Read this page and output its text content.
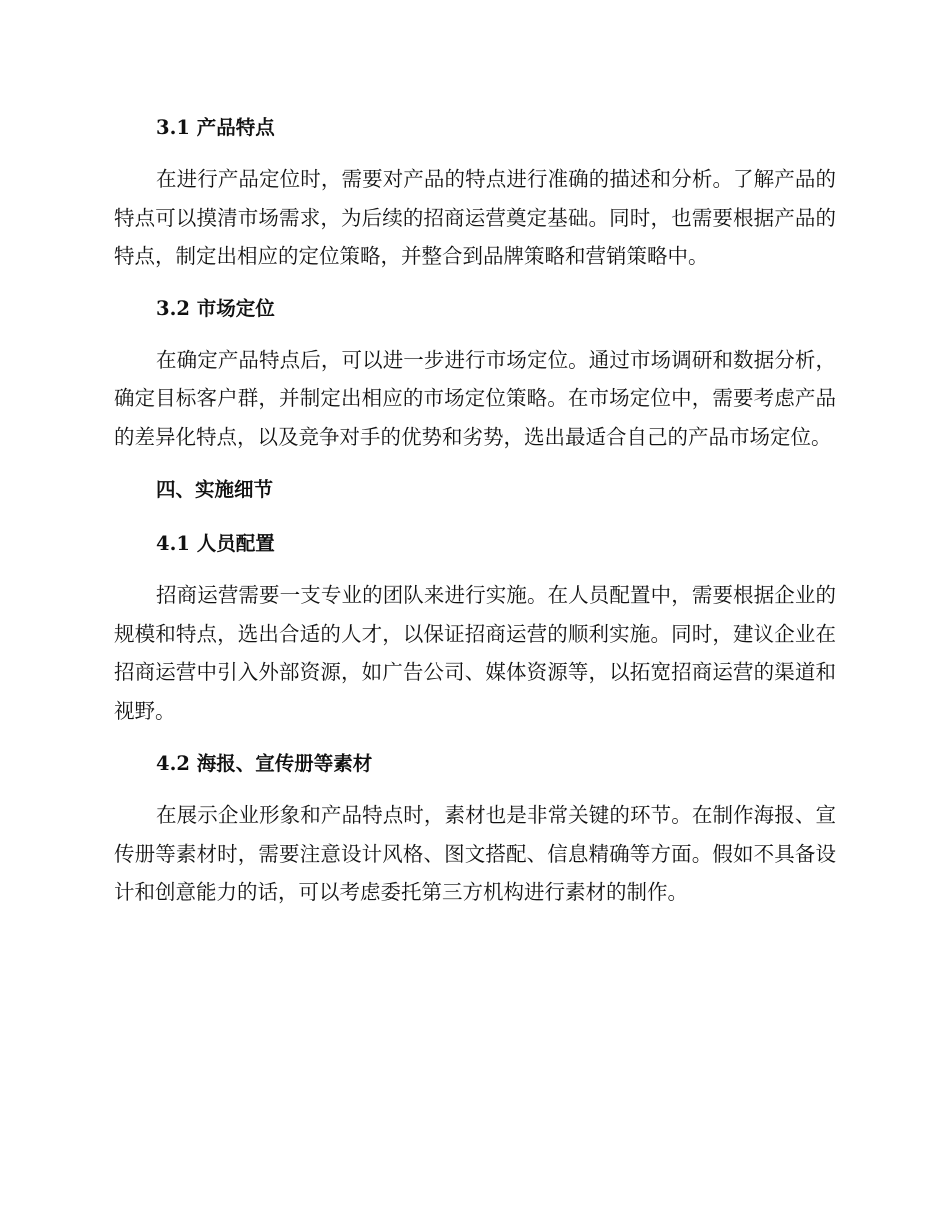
3.1 产品特点

在进行产品定位时，需要对产品的特点进行准确的描述和分析。了解产品的特点可以摸清市场需求，为后续的招商运营奠定基础。同时，也需要根据产品的特点，制定出相应的定位策略，并整合到品牌策略和营销策略中。

3.2 市场定位

在确定产品特点后，可以进一步进行市场定位。通过市场调研和数据分析，确定目标客户群，并制定出相应的市场定位策略。在市场定位中，需要考虑产品的差异化特点，以及竞争对手的优势和劣势，选出最适合自己的产品市场定位。

四、实施细节
4.1 人员配置

招商运营需要一支专业的团队来进行实施。在人员配置中，需要根据企业的规模和特点，选出合适的人才，以保证招商运营的顺利实施。同时，建议企业在招商运营中引入外部资源，如广告公司、媒体资源等，以拓宽招商运营的渠道和视野。

4.2 海报、宣传册等素材

在展示企业形象和产品特点时，素材也是非常关键的环节。在制作海报、宣传册等素材时，需要注意设计风格、图文搭配、信息精确等方面。假如不具备设计和创意能力的话，可以考虑委托第三方机构进行素材的制作。
